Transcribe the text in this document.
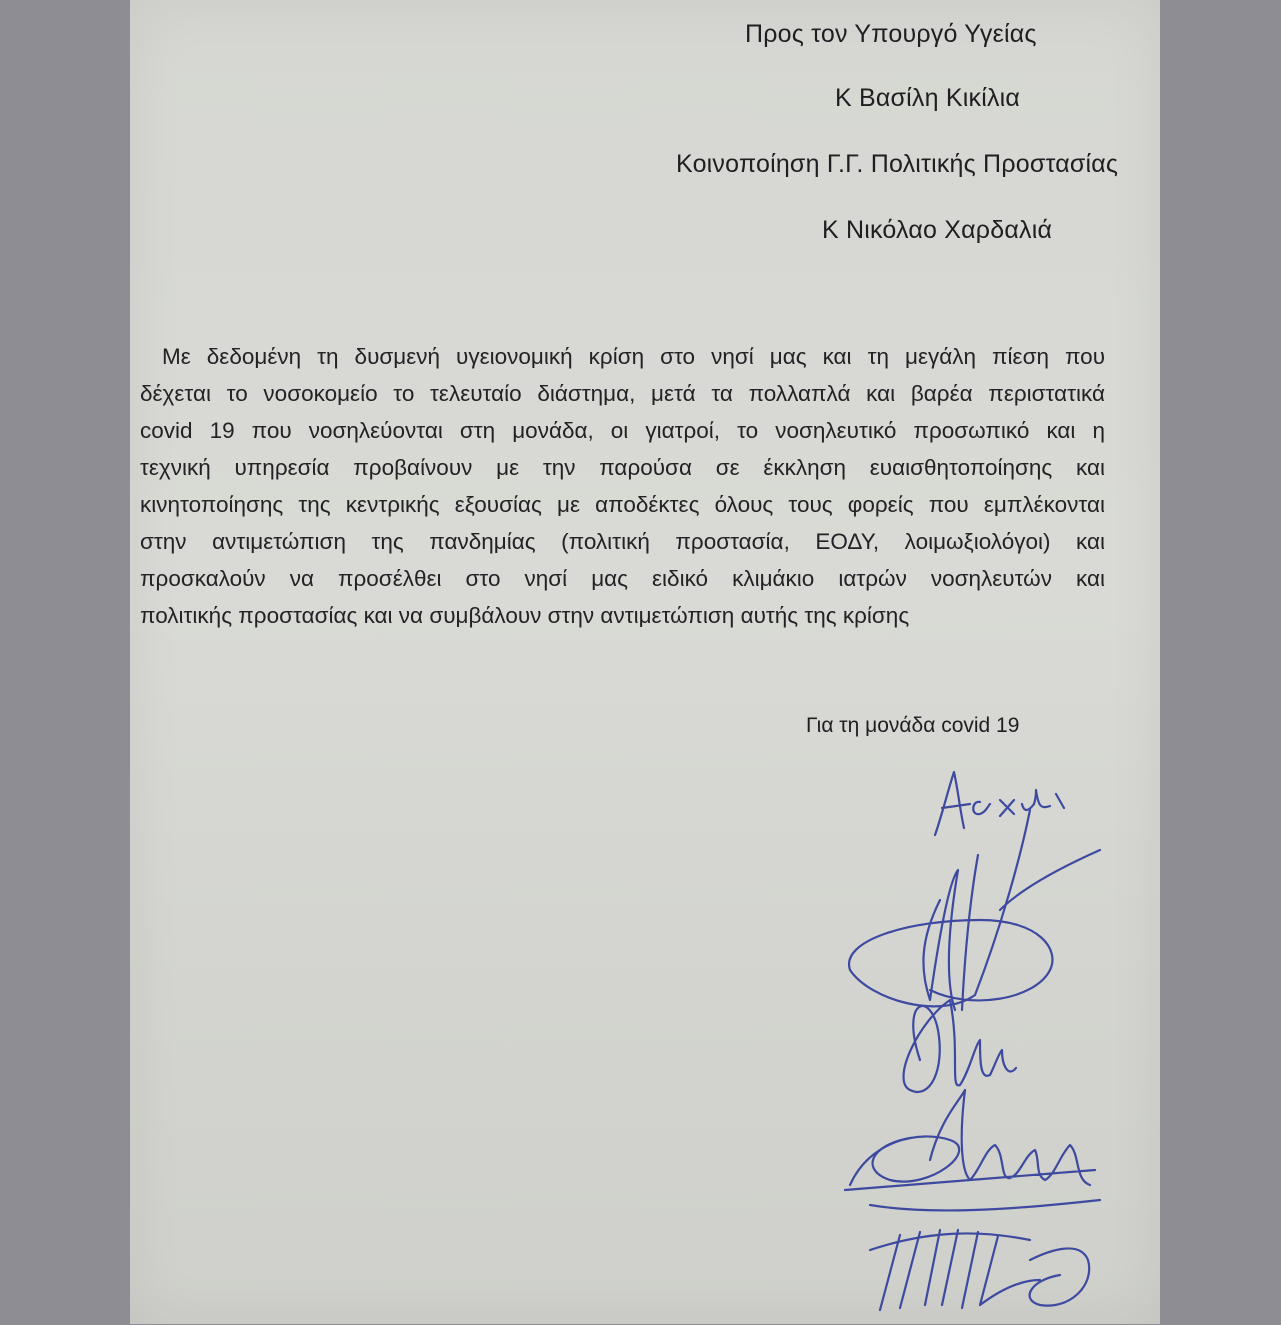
Προς τον Υπουργό Υγείας
Κ Βασίλη Κικίλια
Κοινοποίηση Γ.Γ. Πολιτικής Προστασίας
Κ Νικόλαο Χαρδαλιά
Με δεδομένη τη δυσμενή υγειονομική κρίση στο νησί μας και τη μεγάλη πίεση που
δέχεται το νοσοκομείο το τελευταίο διάστημα, μετά τα πολλαπλά και βαρέα περιστατικά
covid 19 που νοσηλεύονται στη μονάδα, οι γιατροί, το νοσηλευτικό προσωπικό και η
τεχνική υπηρεσία προβαίνουν με την παρούσα σε έκκληση ευαισθητοποίησης και
κινητοποίησης της κεντρικής εξουσίας με αποδέκτες όλους τους φορείς που εμπλέκονται
στην αντιμετώπιση της πανδημίας (πολιτική προστασία, ΕΟΔΥ, λοιμωξιολόγοι) και
προσκαλούν να προσέλθει στο νησί μας ειδικό κλιμάκιο ιατρών νοσηλευτών και
πολιτικής προστασίας και να συμβάλουν στην αντιμετώπιση αυτής της κρίσης
Για τη μονάδα covid 19
